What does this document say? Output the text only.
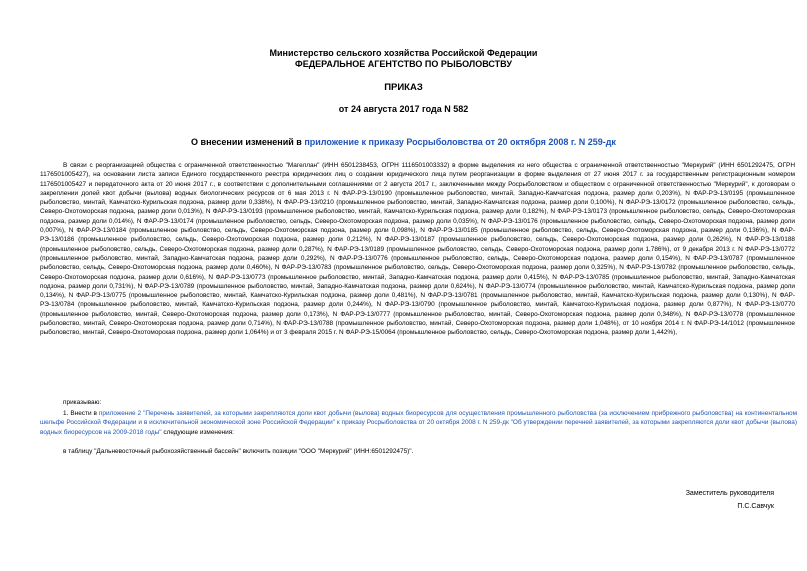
Министерство сельского хозяйства Российской Федерации
ФЕДЕРАЛЬНОЕ АГЕНТСТВО ПО РЫБОЛОВСТВУ
ПРИКАЗ
от 24 августа 2017 года N 582
О внесении изменений в приложение к приказу Росрыболовства от 20 октября 2008 г. N 259-дк
В связи с реорганизацией общества с ограниченной ответственностью "Магеллан" (ИНН 6501238453, ОГРН 1116501003332) в форме выделения из него общества с ограниченной ответственностью "Меркурий" (ИНН 6501292475, ОГРН 1176501005427), на основании листа записи Единого государственного реестра юридических лиц о создании юридического лица путем реорганизации в форме выделения от 27 июня 2017 г. за государственным регистрационным номером 1176501005427 и передаточного акта от 20 июня 2017 г., в соответствии с дополнительными соглашениями от 2 августа 2017 г., заключенными между Росрыболовством и обществом с ограниченной ответственностью "Меркурий", к договорам о закреплении долей квот добычи (вылова) водных биологических ресурсов от 6 мая 2013 г. N ФАР-РЭ-13/0190 (промышленное рыболовство, минтай, Западно-Камчатская подзона, размер доли 0,203%), N ФАР-РЭ-13/0195 (промышленное рыболовство, минтай, Камчатско-Курильская подзона, размер доли 0,338%), N ФАР-РЭ-13/0210 (промышленное рыболовство, минтай, Западно-Камчатская подзона, размер доли 0,100%), N ФАР-РЭ-13/0172 (промышленное рыболовство, сельдь, Северо-Охотоморская подзона, размер доли 0,013%), N ФАР-РЭ-13/0193 (промышленное рыболовство, минтай, Камчатско-Курильская подзона, размер доли 0,182%), N ФАР-РЭ-13/0173 (промышленное рыболовство, сельдь, Северо-Охотоморская подзона, размер доли 0,014%), N ФАР-РЭ-13/0174 (промышленное рыболовство, сельдь, Северо-Охотоморская подзона, размер доли 0,035%), N ФАР-РЭ-13/0176 (промышленное рыболовство, сельдь, Северо-Охотоморская подзона, размер доли 0,007%), N ФАР-РЭ-13/0184 (промышленное рыболовство, сельдь, Северо-Охотоморская подзона, размер доли 0,098%), N ФАР-РЭ-13/0185 (промышленное рыболовство, сельдь, Северо-Охотоморская подзона, размер доли 0,136%), N ФАР-РЭ-13/0186 (промышленное рыболовство, сельдь, Северо-Охотоморская подзона, размер доли 0,212%), N ФАР-РЭ-13/0187 (промышленное рыболовство, сельдь, Северо-Охотоморская подзона, размер доли 0,262%), N ФАР-РЭ-13/0188 (промышленное рыболовство, сельдь, Северо-Охотоморская подзона, размер доли 0,287%), N ФАР-РЭ-13/0189 (промышленное рыболовство, сельдь, Северо-Охотоморская подзона, размер доли 1,786%), от 9 декабря 2013 г. N ФАР-РЭ-13/0772 (промышленное рыболовство, минтай, Западно-Камчатская подзона, размер доли 0,292%), N ФАР-РЭ-13/0776 (промышленное рыболовство, сельдь, Северо-Охотоморская подзона, размер доли 0,154%), N ФАР-РЭ-13/0787 (промышленное рыболовство, сельдь, Северо-Охотоморская подзона, размер доли 0,460%), N ФАР-РЭ-13/0783 (промышленное рыболовство, сельдь, Северо-Охотоморская подзона, размер доли 0,325%), N ФАР-РЭ-13/0782 (промышленное рыболовство, сельдь, Северо-Охотоморская подзона, размер доли 0,616%), N ФАР-РЭ-13/0773 (промышленное рыболовство, минтай, Западно-Камчатская подзона, размер доли 0,415%), N ФАР-РЭ-13/0785 (промышленное рыболовство, минтай, Западно-Камчатская подзона, размер доли 0,731%), N ФАР-РЭ-13/0789 (промышленное рыболовство, минтай, Западно-Камчатская подзона, размер доли 0,624%), N ФАР-РЭ-13/0774 (промышленное рыболовство, минтай, Камчатско-Курильская подзона, размер доли 0,134%), N ФАР-РЭ-13/0775 (промышленное рыболовство, минтай, Камчатско-Курильская подзона, размер доли 0,481%), N ФАР-РЭ-13/0781 (промышленное рыболовство, минтай, Камчатско-Курильская подзона, размер доли 0,130%), N ФАР-РЭ-13/0784 (промышленное рыболовство, минтай, Камчатско-Курильская подзона, размер доли 0,244%), N ФАР-РЭ-13/0790 (промышленное рыболовство, минтай, Камчатско-Курильская подзона, размер доли 0,877%), N ФАР-РЭ-13/0770 (промышленное рыболовство, минтай, Северо-Охотоморская подзона, размер доли 0,173%), N ФАР-РЭ-13/0777 (промышленное рыболовство, минтай, Северо-Охотоморская подзона, размер доли 0,348%), N ФАР-РЭ-13/0778 (промышленное рыболовство, минтай, Северо-Охотоморская подзона, размер доли 0,714%), N ФАР-РЭ-13/0788 (промышленное рыболовство, минтай, Северо-Охотоморская подзона, размер доли 1,048%), от 10 ноября 2014 г. N ФАР-РЭ-14/1012 (промышленное рыболовство, минтай, Северо-Охотоморская подзона, размер доли 1,064%) и от 3 февраля 2015 г. N ФАР-РЭ-15/0064 (промышленное рыболовство, сельдь, Северо-Охотоморская подзона, размер доли 1,442%),
приказываю:
1. Внести в приложение 2 "Перечень заявителей, за которыми закрепляются доли квот добычи (вылова) водных биоресурсов для осуществления промышленного рыболовства (за исключением прибрежного рыболовства) на континентальном шельфе Российской Федерации и в исключительной экономической зоне Российской Федерации" к приказу Росрыболовства от 20 октября 2008 г. N 259-дк "Об утверждении перечней заявителей, за которыми закрепляются доли квот добычи (вылова) водных биоресурсов на 2009-2018 годы" следующие изменения:
в таблицу "Дальневосточный рыбохозяйственный бассейн" включить позиции "ООО "Меркурий" (ИНН:6501292475)".
Заместитель руководителя
П.С.Савчук
